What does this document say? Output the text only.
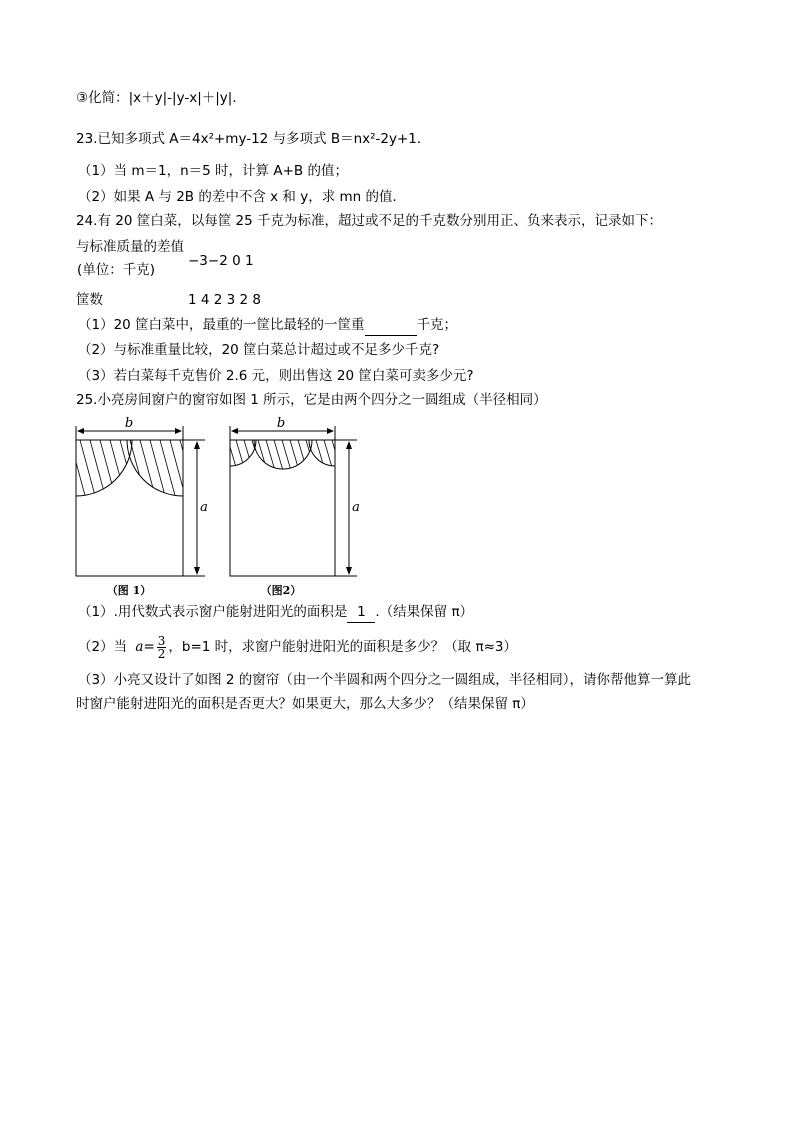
③化简：|x＋y|-|y-x|＋|y|．
23.已知多项式 A＝4x²+my-12 与多项式 B＝nx²-2y+1．
（1）当 m＝1，n＝5 时，计算 A+B 的值；
（2）如果 A 与 2B 的差中不含 x 和 y，求 mn 的值．
24.有 20 筐白菜，以每筐 25 千克为标准，超过或不足的千克数分别用正、负来表示，记录如下：
与标准质量的差值
−3−2 0 1
(单位：千克)
筐数	1 4 2 3 2 8
（1）20 筐白菜中，最重的一筐比最轻的一筐重	千克；
（2）与标准重量比较，20 筐白菜总计超过或不足多少千克?
（3）若白菜每千克售价 2.6 元，则出售这 20 筐白菜可卖多少元?
25.小亮房间窗户的窗帘如图 1 所示，它是由两个四分之一圆组成（半径相同）
b
a
（图 1）
b
a
（图2）
（1）.用代数式表示窗户能射进阳光的面积是 1 .（结果保留 π）
（2）当 $a= \frac{3}{2}$ ，b=1 时，求窗户能射进阳光的面积是多少？（取 π≈3）
（3）小亮又设计了如图 2 的窗帘（由一个半圆和两个四分之一圆组成，半径相同），请你帮他算一算此
时窗户能射进阳光的面积是否更大？如果更大，那么大多少？（结果保留 π）
